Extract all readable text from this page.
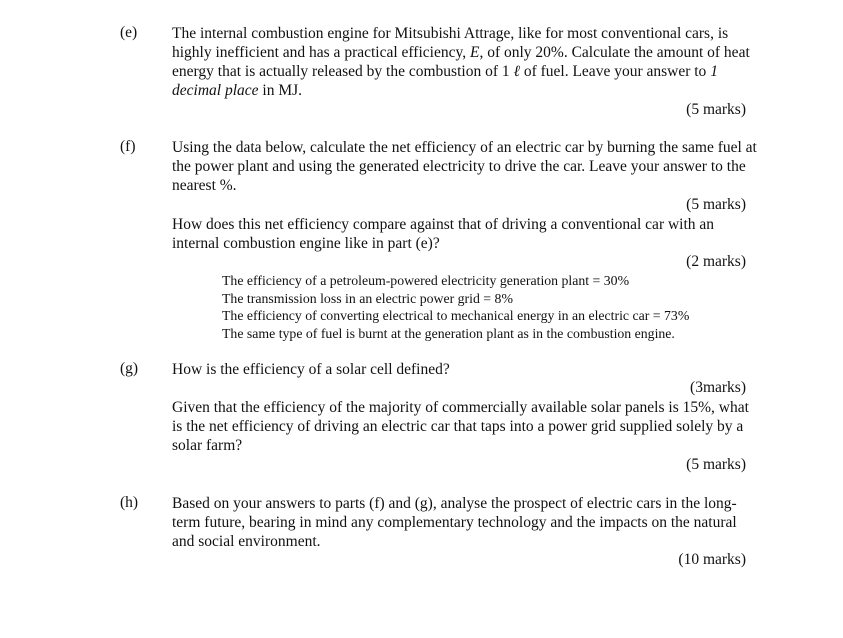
(e) The internal combustion engine for Mitsubishi Attrage, like for most conventional cars, is highly inefficient and has a practical efficiency, E, of only 20%. Calculate the amount of heat energy that is actually released by the combustion of 1 ℓ of fuel. Leave your answer to 1 decimal place in MJ.
(5 marks)
(f) Using the data below, calculate the net efficiency of an electric car by burning the same fuel at the power plant and using the generated electricity to drive the car. Leave your answer to the nearest %.
(5 marks)
How does this net efficiency compare against that of driving a conventional car with an internal combustion engine like in part (e)?
(2 marks)
The efficiency of a petroleum-powered electricity generation plant = 30%
The transmission loss in an electric power grid = 8%
The efficiency of converting electrical to mechanical energy in an electric car = 73%
The same type of fuel is burnt at the generation plant as in the combustion engine.
(g) How is the efficiency of a solar cell defined?
(3marks)
Given that the efficiency of the majority of commercially available solar panels is 15%, what is the net efficiency of driving an electric car that taps into a power grid supplied solely by a solar farm?
(5 marks)
(h) Based on your answers to parts (f) and (g), analyse the prospect of electric cars in the long-term future, bearing in mind any complementary technology and the impacts on the natural and social environment.
(10 marks)
